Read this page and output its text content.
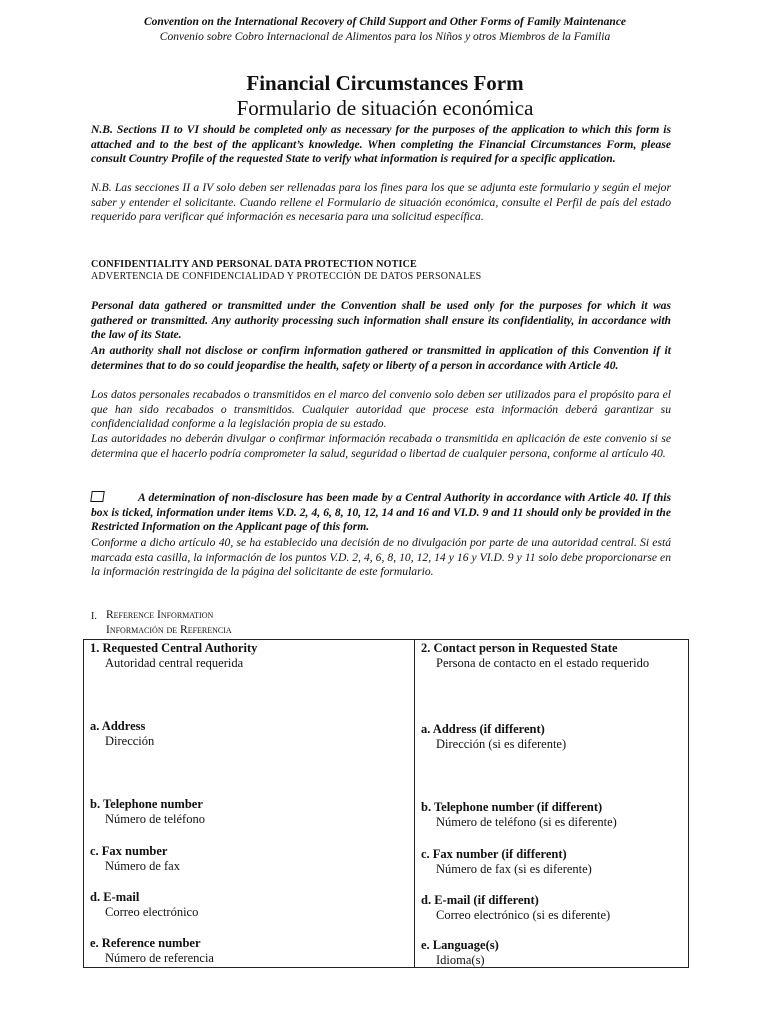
Convention on the International Recovery of Child Support and Other Forms of Family Maintenance
Convenio sobre Cobro Internacional de Alimentos para los Niños y otros Miembros de la Familia
Financial Circumstances Form
Formulario de situación económica
N.B. Sections II to VI should be completed only as necessary for the purposes of the application to which this form is attached and to the best of the applicant’s knowledge. When completing the Financial Circumstances Form, please consult Country Profile of the requested State to verify what information is required for a specific application.
N.B. Las secciones II a IV solo deben ser rellenadas para los fines para los que se adjunta este formulario y según el mejor saber y entender el solicitante. Cuando rellene el Formulario de situación económica, consulte el Perfil de país del estado requerido para verificar qué información es necesaria para una solicitud específica.
CONFIDENTIALITY AND PERSONAL DATA PROTECTION NOTICE
ADVERTENCIA DE CONFIDENCIALIDAD Y PROTECCIÓN DE DATOS PERSONALES
Personal data gathered or transmitted under the Convention shall be used only for the purposes for which it was gathered or transmitted. Any authority processing such information shall ensure its confidentiality, in accordance with the law of its State.
An authority shall not disclose or confirm information gathered or transmitted in application of this Convention if it determines that to do so could jeopardise the health, safety or liberty of a person in accordance with Article 40.
Los datos personales recabados o transmitidos en el marco del convenio solo deben ser utilizados para el propósito para el que han sido recabados o transmitidos. Cualquier autoridad que procese esta información deberá garantizar su confidencialidad conforme a la legislación propia de su estado.
Las autoridades no deberán divulgar o confirmar información recabada o transmitida en aplicación de este convenio si se determina que el hacerlo podría comprometer la salud, seguridad o libertad de cualquier persona, conforme al artículo 40.
A determination of non-disclosure has been made by a Central Authority in accordance with Article 40. If this box is ticked, information under items V.D. 2, 4, 6, 8, 10, 12, 14 and 16 and VI.D. 9 and 11 should only be provided in the Restricted Information on the Applicant page of this form.
Conforme a dicho artículo 40, se ha establecido una decisión de no divulgación por parte de una autoridad central. Si está marcada esta casilla, la información de los puntos V.D. 2, 4, 6, 8, 10, 12, 14 y 16 y VI.D. 9 y 11 solo debe proporcionarse en la información restringida de la página del solicitante de este formulario.
I. Reference Information
Información de Referencia
1. Requested Central Authority
Autoridad central requerida
a. Address
Dirección
b. Telephone number
Número de teléfono
c. Fax number
Número de fax
d. E-mail
Correo electrónico
e. Reference number
Número de referencia
2. Contact person in Requested State
Persona de contacto en el estado requerido
a. Address (if different)
Dirección (si es diferente)
b. Telephone number (if different)
Número de teléfono (si es diferente)
c. Fax number (if different)
Número de fax (si es diferente)
d. E-mail (if different)
Correo electrónico (si es diferente)
e. Language(s)
Idioma(s)
